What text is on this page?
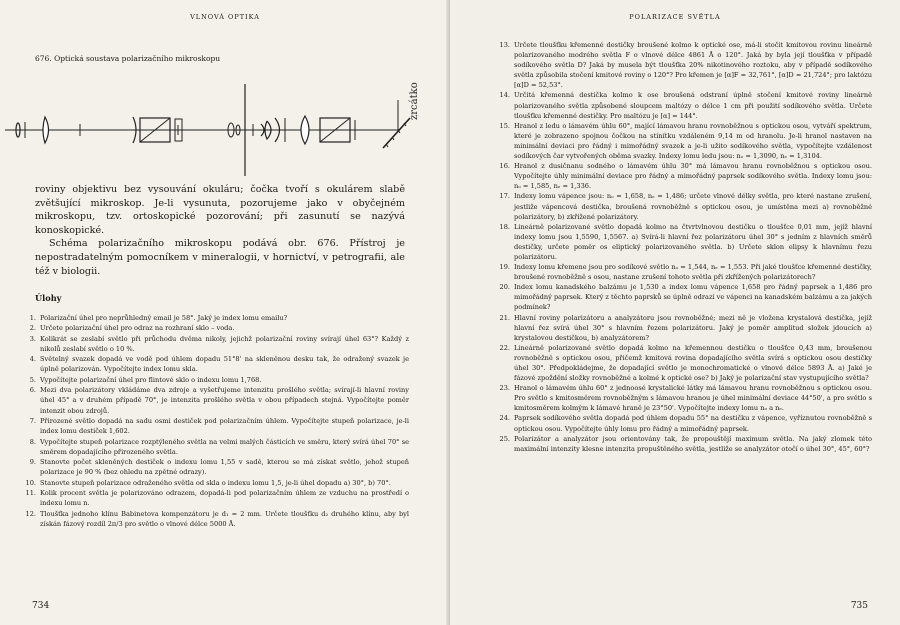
VLNOVÁ OPTIKA
676. Optická soustava polarizačního mikroskopu
zrcátko

roviny objektivu bez vysouvání okuláru; čočka tvoří s okulárem slabě zvětšující mikroskop. Je-li vysunuta, pozorujeme jako v obyčejném mikroskopu, tzv. ortoskopické pozorování; při zasunutí se nazývá konoskopické.

Schéma polarizačního mikroskopu podává obr. 676. Přístroj je nepostradatelným pomocníkem v mineralogii, v hornictví, v petrografii, ale též v biologii.

Úlohy
1. Polarizační úhel pro neprůhledný email je 58°. Jaký je index lomu emailu?
2. Určete polarizační úhel pro odraz na rozhraní sklo – voda.
3. Kolikrát se zeslabí světlo při průchodu dvěma nikoly, jejichž polarizační roviny svírají úhel 63°? Každý z nikolů zeslabí světlo o 10 %.
4. Světelný svazek dopadá ve vodě pod úhlem dopadu 51°8' na skleněnou desku tak, že odražený svazek je úplně polarizován. Vypočítejte index lomu skla.
5. Vypočítejte polarizační úhel pro flintové sklo o indexu lomu 1,768.
6. Mezi dva polarizátory vkládáme dva zdroje a vyšetřujeme intenzitu prošlého světla; svírají-li hlavní roviny úhel 45° a v druhém případě 70°, je intenzita prošlého světla v obou případech stejná. Vypočítejte poměr intenzit obou zdrojů.
7. Přirozené světlo dopadá na sadu osmi destiček pod polarizačním úhlem. Vypočítejte stupeň polarizace, je-li index lomu destiček 1,602.
8. Vypočítejte stupeň polarizace rozptýleného světla na velmi malých částicích ve směru, který svírá úhel 70° se směrem dopadajícího přirozeného světla.
9. Stanovte počet skleněných destiček o indexu lomu 1,55 v sadě, kterou se má získat světlo, jehož stupeň polarizace je 90 % (bez ohledu na zpětné odrazy).
10. Stanovte stupeň polarizace odraženého světla od skla o indexu lomu 1,5, je-li úhel dopadu a) 30°, b) 70°.
11. Kolik procent světla je polarizováno odrazem, dopadá-li pod polarizačním úhlem ze vzduchu na prostředí o indexu lomu n.
12. Tloušťka jednoho klínu Babinetova kompenzátoru je d₁ = 2 mm. Určete tloušťku d₂ druhého klínu, aby byl získán fázový rozdíl 2π/3 pro světlo o vlnové délce 5000 Å.
734
POLARIZACE SVĚTLA
13. Určete tloušťku křemenné destičky broušené kolmo k optické ose, má-li stočit kmitovou rovinu lineárně polarizovaného modrého světla F o vlnové délce 4861 Å o 120°. Jaká by byla její tloušťka v případě sodíkového světla D? Jaká by musela být tloušťka 20% nikotinového roztoku, aby v případě sodíkového světla způsobila stočení kmitové roviny o 120°? Pro křemen je [α]F = 32,761°, [α]D = 21,724°; pro laktózu [α]D = 52,53°.
14. Určitá křemenná destička kolmo k ose broušená odstraní úplně stočení kmitové roviny lineárně polarizovaného světla způsobené sloupcem maltózy o délce 1 cm při použití sodíkového světla. Určete tloušťku křemenné destičky. Pro maltózu je [α] = 144°.
15. Hranol z ledu o lámavém úhlu 60°, mající lámavou hranu rovnoběžnou s optickou osou, vytváří spektrum, které je zobrazeno spojnou čočkou na stínítku vzdáleném 9,14 m od hranolu. Je-li hranol nastaven na minimální deviaci pro řádný i mimořádný svazek a je-li užito sodíkového světla, vypočítejte vzdálenost sodíkových čar vytvořených oběma svazky. Indexy lomu ledu jsou: nₒ = 1,3090, nₑ = 1,3104.
16. Hranol z dusičnanu sodného o lámavém úhlu 30° má lámavou hranu rovnoběžnou s optickou osou. Vypočítejte úhly minimální deviace pro řádný a mimořádný paprsek sodíkového světla. Indexy lomu jsou: nₒ = 1,585, nₑ = 1,336.
17. Indexy lomu vápence jsou: nₒ = 1,658, nₑ = 1,486; určete vlnové délky světla, pro které nastane zrušení, jestliže vápencová destička, broušená rovnoběžně s optickou osou, je umístěna mezi a) rovnoběžné polarizátory, b) zkřížené polarizátory.
18. Lineárně polarizované světlo dopadá kolmo na čtvrtvlnovou destičku o tloušťce 0,01 mm, jejíž hlavní indexy lomu jsou 1,5590, 1,5567. a) Svírá-li hlavní řez polarizátoru úhel 30° s jedním z hlavních směrů destičky, určete poměr os eliptický polarizovaného světla. b) Určete sklon elipsy k hlavnímu řezu polarizátoru.
19. Indexy lomu křemene jsou pro sodíkové světlo nₒ = 1,544, nₑ = 1,553. Při jaké tloušťce křemenné destičky, broušené rovnoběžně s osou, nastane zrušení tohoto světla při zkřížených polarizátorech?
20. Index lomu kanadského balzámu je 1,530 a index lomu vápence 1,658 pro řádný paprsek a 1,486 pro mimořádný paprsek. Který z těchto paprsků se úplně odrazí ve vápenci na kanadském balzámu a za jakých podmínek?
21. Hlavní roviny polarizátoru a analyzátoru jsou rovnoběžné; mezi ně je vložena krystalová destička, jejíž hlavní řez svírá úhel 30° s hlavním řezem polarizátoru. Jaký je poměr amplitud složek jdoucích a) krystalovou destičkou, b) analyzátorem?
22. Lineárně polarizované světlo dopadá kolmo na křemennou destičku o tloušťce 0,43 mm, broušenou rovnoběžně s optickou osou, přičemž kmitová rovina dopadajícího světla svírá s optickou osou destičky úhel 30°. Předpokládejme, že dopadající světlo je monochromatické o vlnové délce 5893 Å. a) Jaké je fázové zpoždění složky rovnoběžné a kolmé k optické ose? b) Jaký je polarizační stav vystupujícího světla?
23. Hranol o lámavém úhlu 60° z jednoosé krystalické látky má lámavou hranu rovnoběžnou s optickou osou. Pro světlo s kmitosměrem rovnoběžným s lámavou hranou je úhel minimální deviace 44°50', a pro světlo s kmitosměrem kolmým k lámavé hraně je 23°50'. Vypočítejte indexy lomu nₒ a nₑ.
24. Paprsek sodíkového světla dopadá pod úhlem dopadu 55° na destičku z vápence, vyříznutou rovnoběžně s optickou osou. Vypočítejte úhly lomu pro řádný a mimořádný paprsek.
25. Polarizátor a analyzátor jsou orientovány tak, že propouštějí maximum světla. Na jaký zlomek této maximální intenzity klesne intenzita propuštěného světla, jestliže se analyzátor otočí o úhel 30°, 45°, 60°?
735
